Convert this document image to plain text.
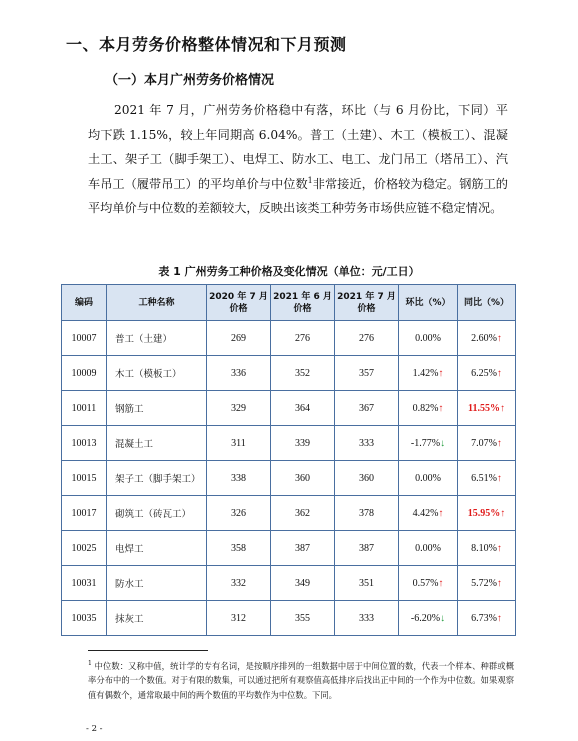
一、本月劳务价格整体情况和下月预测
（一）本月广州劳务价格情况
2021 年 7 月，广州劳务价格稳中有落，环比（与 6 月份比，下同）平均下跌 1.15%，较上年同期高 6.04%。普工（土建）、木工（模板工）、混凝土工、架子工（脚手架工）、电焊工、防水工、电工、龙门吊工（塔吊工）、汽车吊工（履带吊工）的平均单价与中位数$^1$非常接近，价格较为稳定。钢筋工的平均单价与中位数的差额较大，反映出该类工种劳务市场供应链不稳定情况。
表 1 广州劳务工种价格及变化情况（单位：元/工日）
编码	工种名称	2020 年 7 月价格	2021 年 6 月价格	2021 年 7 月价格	环比（%）	同比（%）
10007	普工（土建）	269	276	276	0.00%	2.60%↑
10009	木工（模板工）	336	352	357	1.42%↑	6.25%↑
10011	钢筋工	329	364	367	0.82%↑	11.55%↑
10013	混凝土工	311	339	333	-1.77%↓	7.07%↑
10015	架子工（脚手架工）	338	360	360	0.00%	6.51%↑
10017	砌筑工（砖瓦工）	326	362	378	4.42%↑	15.95%↑
10025	电焊工	358	387	387	0.00%	8.10%↑
10031	防水工	332	349	351	0.57%↑	5.72%↑
10035	抹灰工	312	355	333	-6.20%↓	6.73%↑
$^1$ 中位数：又称中值，统计学的专有名词，是按顺序排列的一组数据中居于中间位置的数，代表一个样本、种群或概率分布中的一个数值。对于有限的数集，可以通过把所有观察值高低排序后找出正中间的一个作为中位数。如果观察值有偶数个，通常取最中间的两个数值的平均数作为中位数。下同。
- 2 -
